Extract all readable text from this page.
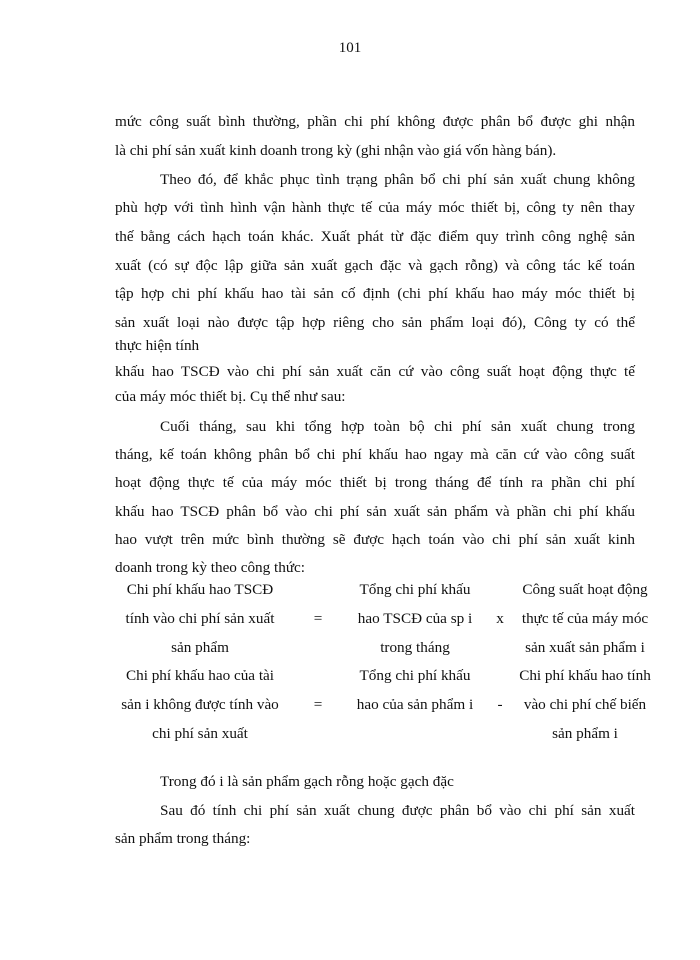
101
mức công suất bình thường, phần chi phí không được phân bổ được ghi nhận
là chi phí sản xuất kinh doanh trong kỳ (ghi nhận vào giá vốn hàng bán).
Theo đó, để khắc phục tình trạng phân bổ chi phí sản xuất chung không
phù hợp với tình hình vận hành thực tế của máy móc thiết bị, công ty nên thay
thế bằng cách hạch toán khác. Xuất phát từ đặc điểm quy trình công nghệ sản
xuất (có sự độc lập giữa sản xuất gạch đặc và gạch rỗng) và công tác kế toán
tập hợp chi phí khấu hao tài sản cố định (chi phí khấu hao máy móc thiết bị
sản xuất loại nào được tập hợp riêng cho sản phẩm loại đó), Công ty có thể
thực hiện tính
khấu hao TSCĐ vào chi phí sản xuất căn cứ vào công suất hoạt động thực tế
của máy móc thiết bị. Cụ thể như sau:
Cuối tháng, sau khi tổng hợp toàn bộ chi phí sản xuất chung trong
tháng, kế toán không phân bổ chi phí khấu hao ngay mà căn cứ vào công suất
hoạt động thực tế của máy móc thiết bị trong tháng để tính ra phần chi phí
khấu hao TSCĐ phân bổ vào chi phí sản xuất sản phẩm và phần chi phí khấu
hao vượt trên mức bình thường sẽ được hạch toán vào chi phí sản xuất kinh
doanh trong kỳ theo công thức:
Chi phí khấu hao TSCĐ
tính vào chi phí sản xuất
sản phẩm
=
Tổng chi phí khấu
hao TSCĐ của sp i
trong tháng
x
Công suất hoạt động
thực tế của máy móc
sản xuất sản phẩm i
Chi phí khấu hao của tài
sản i không được tính vào
chi phí sản xuất
=
Tổng chi phí khấu
hao của sản phẩm i	-
Chi phí khấu hao tính
vào chi phí chế biến
sản phẩm i
Trong đó i là sản phẩm gạch rỗng hoặc gạch đặc
Sau đó tính chi phí sản xuất chung được phân bổ vào chi phí sản xuất
sản phẩm trong tháng:
